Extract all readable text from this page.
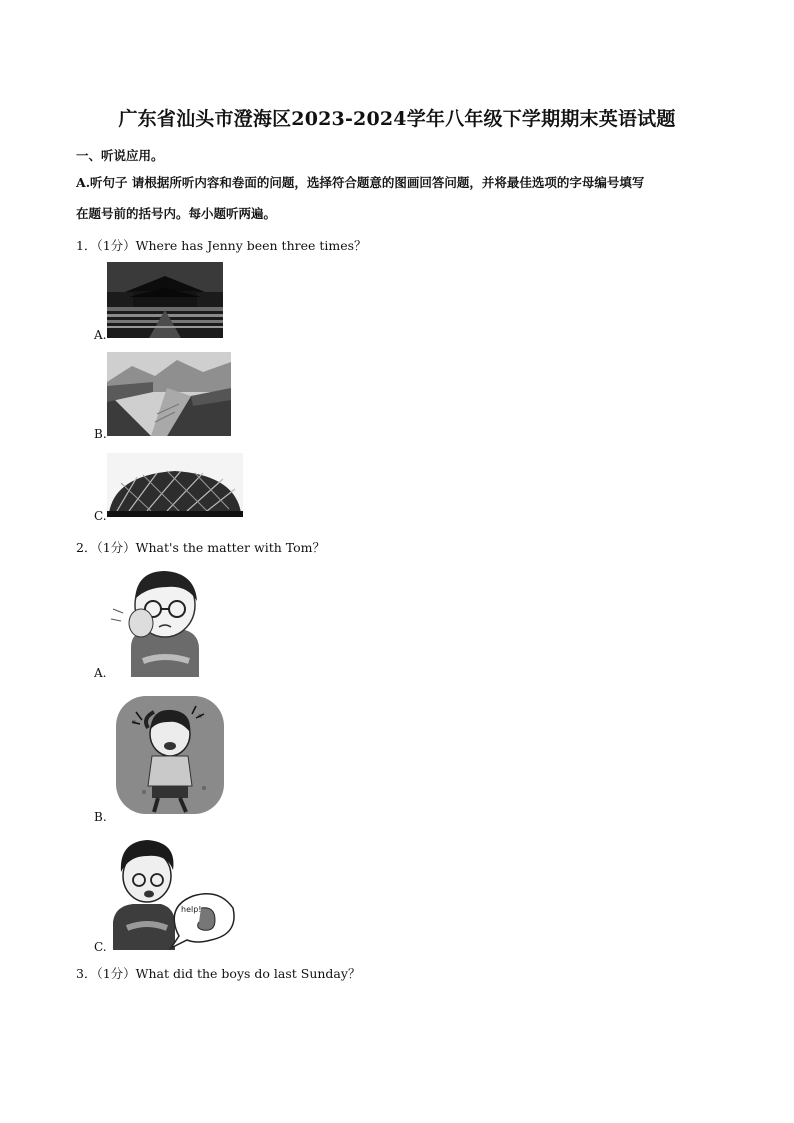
广东省汕头市澄海区2023-2024学年八年级下学期期末英语试题
一、听说应用。
A.听句子 请根据所听内容和卷面的问题，选择符合题意的图画回答问题，并将最佳选项的字母编号填写
在题号前的括号内。每小题听两遍。
1．（1分）Where has Jenny been three times？
A.
B.
C.
2．（1分）What's the matter with Tom？
A.
B.
help!
C.
3．（1分）What did the boys do last Sunday？
